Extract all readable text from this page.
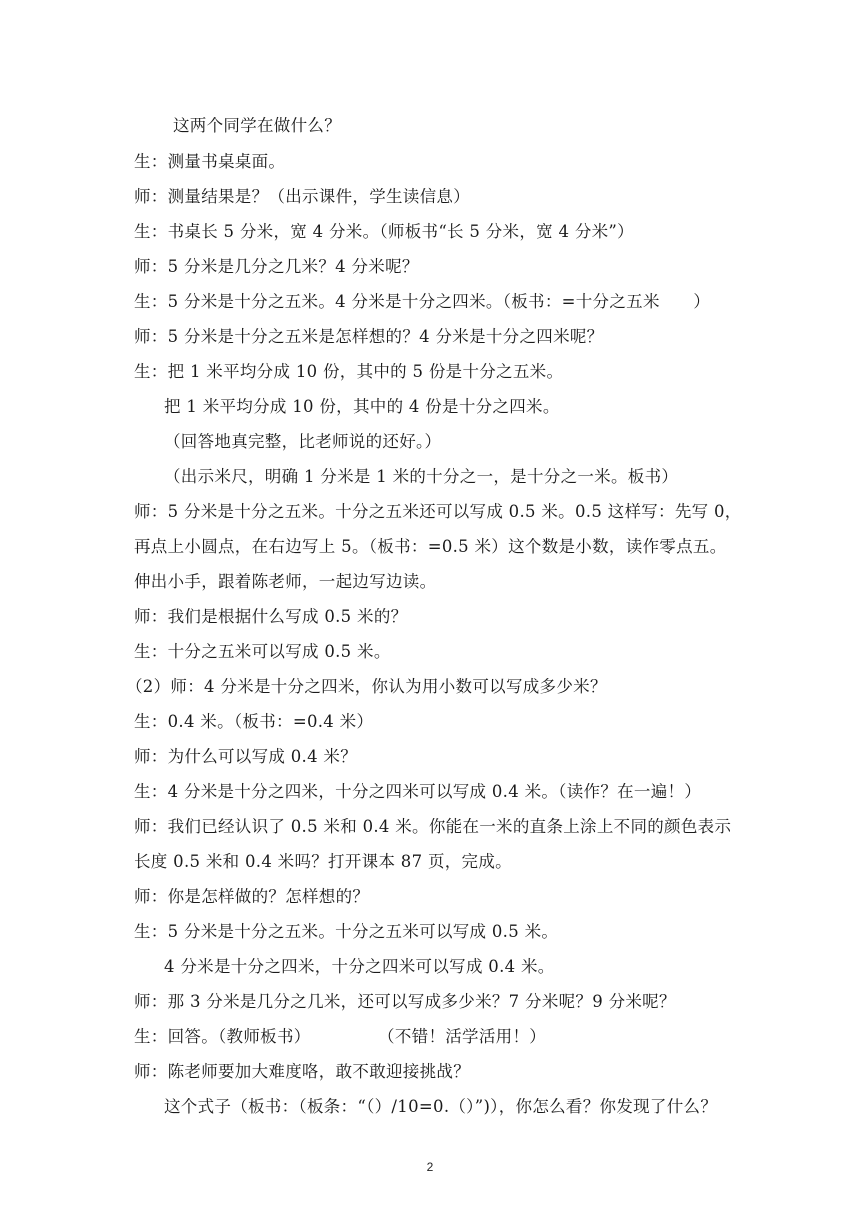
这两个同学在做什么？
生：测量书桌桌面。
师：测量结果是？（出示课件，学生读信息）
生：书桌长 5 分米，宽 4 分米。（师板书“长 5 分米，宽 4 分米”）
师：5 分米是几分之几米？4 分米呢？
生：5 分米是十分之五米。4 分米是十分之四米。（板书：=十分之五米　　）
师：5 分米是十分之五米是怎样想的？4 分米是十分之四米呢？
生：把 1 米平均分成 10 份，其中的 5 份是十分之五米。
把 1 米平均分成 10 份，其中的 4 份是十分之四米。
（回答地真完整，比老师说的还好。）
（出示米尺，明确 1 分米是 1 米的十分之一，是十分之一米。板书）
师：5 分米是十分之五米。十分之五米还可以写成 0.5 米。0.5 这样写：先写 0，
再点上小圆点，在右边写上 5。（板书：=0.5 米）这个数是小数，读作零点五。
伸出小手，跟着陈老师，一起边写边读。
师：我们是根据什么写成 0.5 米的？
生：十分之五米可以写成 0.5 米。
（2）师：4 分米是十分之四米，你认为用小数可以写成多少米？
生：0.4 米。（板书：=0.4 米）
师：为什么可以写成 0.4 米？
生：4 分米是十分之四米，十分之四米可以写成 0.4 米。（读作？在一遍！）
师：我们已经认识了 0.5 米和 0.4 米。你能在一米的直条上涂上不同的颜色表示
长度 0.5 米和 0.4 米吗？打开课本 87 页，完成。
师：你是怎样做的？怎样想的？
生：5 分米是十分之五米。十分之五米可以写成 0.5 米。
4 分米是十分之四米，十分之四米可以写成 0.4 米。
师：那 3 分米是几分之几米，还可以写成多少米？7 分米呢？9 分米呢？
生：回答。（教师板书）　　　　　（不错！活学活用！）
师：陈老师要加大难度咯，敢不敢迎接挑战？
这个式子（板书：（板条：“（）/10=0.（）”)），你怎么看？你发现了什么？
2
